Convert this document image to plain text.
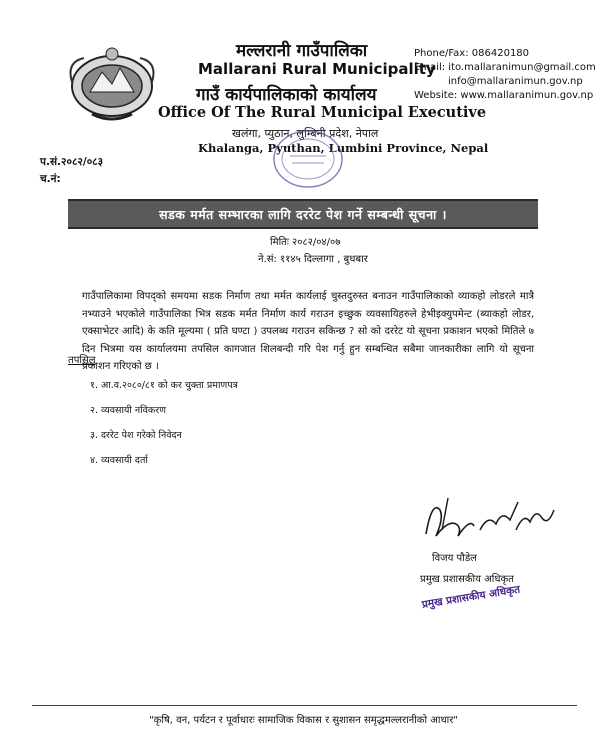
मल्लरानी गाउँपालिका
Mallarani Rural Municipality
गाउँ कार्यपालिकाको कार्यालय
Office Of The Rural Municipal Executive
खलंगा, प्युठान, लुम्बिनी प्रदेश, नेपाल
Khalanga, Pyuthan, Lumbini Province, Nepal
Phone/Fax: 086420180
Email: ito.mallaranimun@gmail.com
info@mallaranimun.gov.np
Website: www.mallaranimun.gov.np
प.सं.२०८२/०८३
च.नं:
सडक मर्मत सम्भारका लागि दररेट पेश गर्ने सम्बन्धी सूचना ।
मितिः २०८२/०४/०७
ने.सं: ११४५ दिल्लागा , बुधबार
गाउँपालिकामा विपद्को समयमा सडक निर्माण तथा मर्मत कार्यलाई चुस्तदुरुस्त बनाउन गाउँपालिकाको व्याकहो लोडरले मात्रै नभ्याउने भएकोले गाउँपालिका भित्र सडक मर्मत निर्माण कार्य गराउन इच्छुक व्यवसायिहरुले हेभीइक्युपमेन्ट (ब्याकहो लोडर, एक्साभेटर आदि) के कति मूल्यमा ( प्रति घण्टा ) उपलब्ध गराउन सकिन्छ ? सो को दररेट यो सूचना प्रकाशन भएको मितिले ७ दिन भित्रमा यस कार्यालयमा तपसिल कागजात शिलबन्दी गरि पेश गर्नु हुन सम्बन्धित सबैमा जानकारीका लागि यो सूचना प्रकाशन गरिएको छ ।
तपसिल
१. आ.व.२०८०/८१ को कर चुक्ता प्रमाणपत्र
२. व्यवसायी नविकरण
३. दररेट पेश गरेको निवेदन
४. व्यवसायी दर्ता
विजय पौडेल
प्रमुख प्रशासकीय अधिकृत
प्रमुख प्रशासकीय अधिकृत
"कृषि, वन, पर्यटन र पूर्वाधारः सामाजिक विकास र सुशासन समृद्धमल्लरानीको आधार"
